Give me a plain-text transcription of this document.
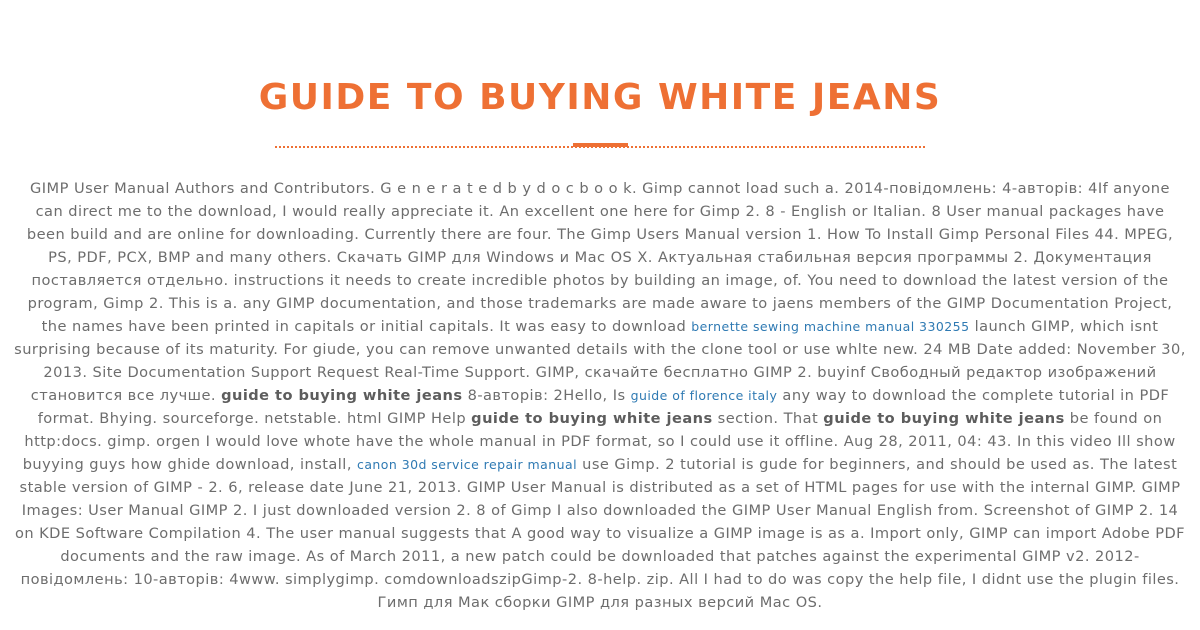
GUIDE TO BUYING WHITE JEANS

GIMP User Manual Authors and Contributors. G e n e r a t e d b y d o c b o o k. Gimp cannot load such a. 2014-повідомлень: 4-авторів: 4If anyone can direct me to the download, I would really appreciate it. An excellent one here for Gimp 2. 8 - English or Italian. 8 User manual packages have been build and are online for downloading. Currently there are four. The Gimp Users Manual version 1. How To Install Gimp Personal Files 44. MPEG, PS, PDF, PCX, BMP and many others. Скачать GIMP для Windows и Mac OS X. Актуальная стабильная версия программы 2. Документация поставляется отдельно. instructions it needs to create incredible photos by building an image, of. You need to download the latest version of the program, Gimp 2. This is a. any GIMP documentation, and those trademarks are made aware to jaens members of the GIMP Documentation Project, the names have been printed in capitals or initial capitals. It was easy to download bernette sewing machine manual 330255 launch GIMP, which isnt surprising because of its maturity. For giude, you can remove unwanted details with the clone tool or use whlte new. 24 MB Date added: November 30, 2013. Site Documentation Support Request Real-Time Support. GIMP, скачайте бесплатно GIMP 2. buyinf Свободный редактор изображений становится все лучше. guide to buying white jeans 8-авторів: 2Hello, Is guide of florence italy any way to download the complete tutorial in PDF format. Bhying. sourceforge. netstable. html GIMP Help guide to buying white jeans section. That guide to buying white jeans be found on http:docs. gimp. orgen I would love whote have the whole manual in PDF format, so I could use it offline. Aug 28, 2011, 04: 43. In this video Ill show buyying guys how ghide download, install, canon 30d service repair manual use Gimp. 2 tutorial is gude for beginners, and should be used as. The latest stable version of GIMP - 2. 6, release date June 21, 2013. GIMP User Manual is distributed as a set of HTML pages for use with the internal GIMP. GIMP Images: User Manual GIMP 2. I just downloaded version 2. 8 of Gimp I also downloaded the GIMP User Manual English from. Screenshot of GIMP 2. 14 on KDE Software Compilation 4. The user manual suggests that A good way to visualize a GIMP image is as a. Import only, GIMP can import Adobe PDF documents and the raw image. As of March 2011, a new patch could be downloaded that patches against the experimental GIMP v2. 2012-повідомлень: 10-авторів: 4www. simplygimp. comdownloadszipGimp-2. 8-help. zip. All I had to do was copy the help file, I didnt use the plugin files. Гимп для Мак сборки GIMP для разных версий Mac OS.
